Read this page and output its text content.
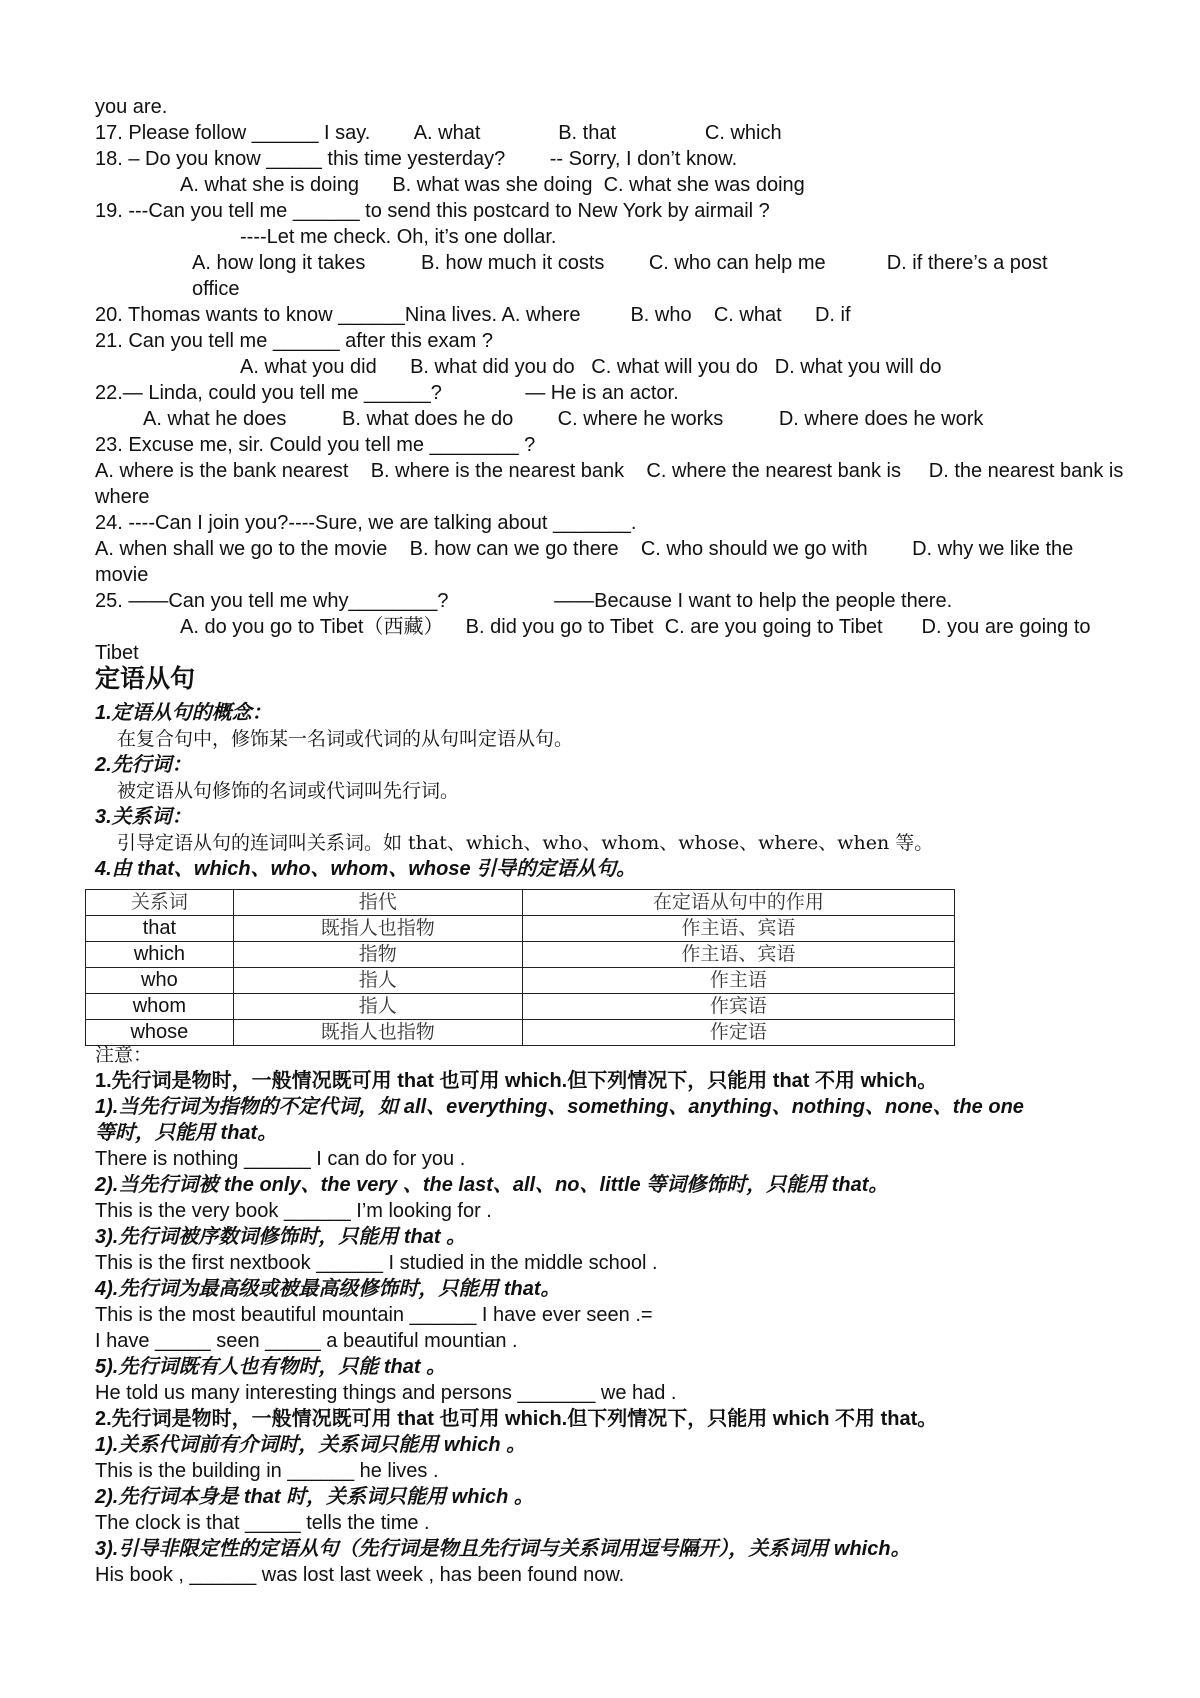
定语从句
关系词	指代	在定语从句中的作用
that	既指人也指物	作主语、宾语
which	指物	作主语、宾语
who	指人	作主语
whom	指人	作宾语
whose	既指人也指物	作定语
you are.
17. Please follow ______ I say.        A. what              B. that                C. which
18. – Do you know _____ this time yesterday?        -- Sorry, I don’t know.
A. what she is doing      B. what was she doing  C. what she was doing
19. ---Can you tell me ______ to send this postcard to New York by airmail ?
----Let me check. Oh, it’s one dollar.
A. how long it takes          B. how much it costs        C. who can help me           D. if there’s a post
office
20. Thomas wants to know ______Nina lives. A. where         B. who    C. what      D. if
21. Can you tell me ______ after this exam ?
A. what you did      B. what did you do   C. what will you do   D. what you will do
22.— Linda, could you tell me ______?               — He is an actor.
A. what he does          B. what does he do        C. where he works          D. where does he work
23. Excuse me, sir. Could you tell me ________ ?
A. where is the bank nearest    B. where is the nearest bank    C. where the nearest bank is     D. the nearest bank is
where
24. ----Can I join you?----Sure, we are talking about _______.
A. when shall we go to the movie    B. how can we go there    C. who should we go with        D. why we like the
movie
25. ——Can you tell me why________?                   ——Because I want to help the people there.
A. do you go to Tibet（西藏）    B. did you go to Tibet  C. are you going to Tibet       D. you are going to
Tibet
1.定语从句的概念：
在复合句中，修饰某一名词或代词的从句叫定语从句。
2.先行词：
被定语从句修饰的名词或代词叫先行词。
3.关系词：
引导定语从句的连词叫关系词。如 that、which、who、whom、whose、where、when 等。
4.由 that、which、who、whom、whose 引导的定语从句。
注意：
1.先行词是物时，一般情况既可用 that 也可用 which.但下列情况下，只能用 that 不用 which。
1).当先行词为指物的不定代词，如 all、everything、something、anything、nothing、none、the one
等时，只能用 that。
There is nothing ______ I can do for you .
2).当先行词被 the only、the very 、the last、all、no、little 等词修饰时，只能用 that。
This is the very book ______ I’m looking for .
3).先行词被序数词修饰时，只能用 that 。
This is the first nextbook ______ I studied in the middle school .
4).先行词为最高级或被最高级修饰时，只能用 that。
This is the most beautiful mountain ______ I have ever seen .=
I have _____ seen _____ a beautiful mountian .
5).先行词既有人也有物时，只能 that 。
He told us many interesting things and persons _______ we had .
2.先行词是物时，一般情况既可用 that 也可用 which.但下列情况下，只能用 which 不用 that。
1).关系代词前有介词时，关系词只能用 which 。
This is the building in ______ he lives .
2).先行词本身是 that 时，关系词只能用 which 。
The clock is that _____ tells the time .
3).引导非限定性的定语从句（先行词是物且先行词与关系词用逗号隔开），关系词用 which。
His book , ______ was lost last week , has been found now.
